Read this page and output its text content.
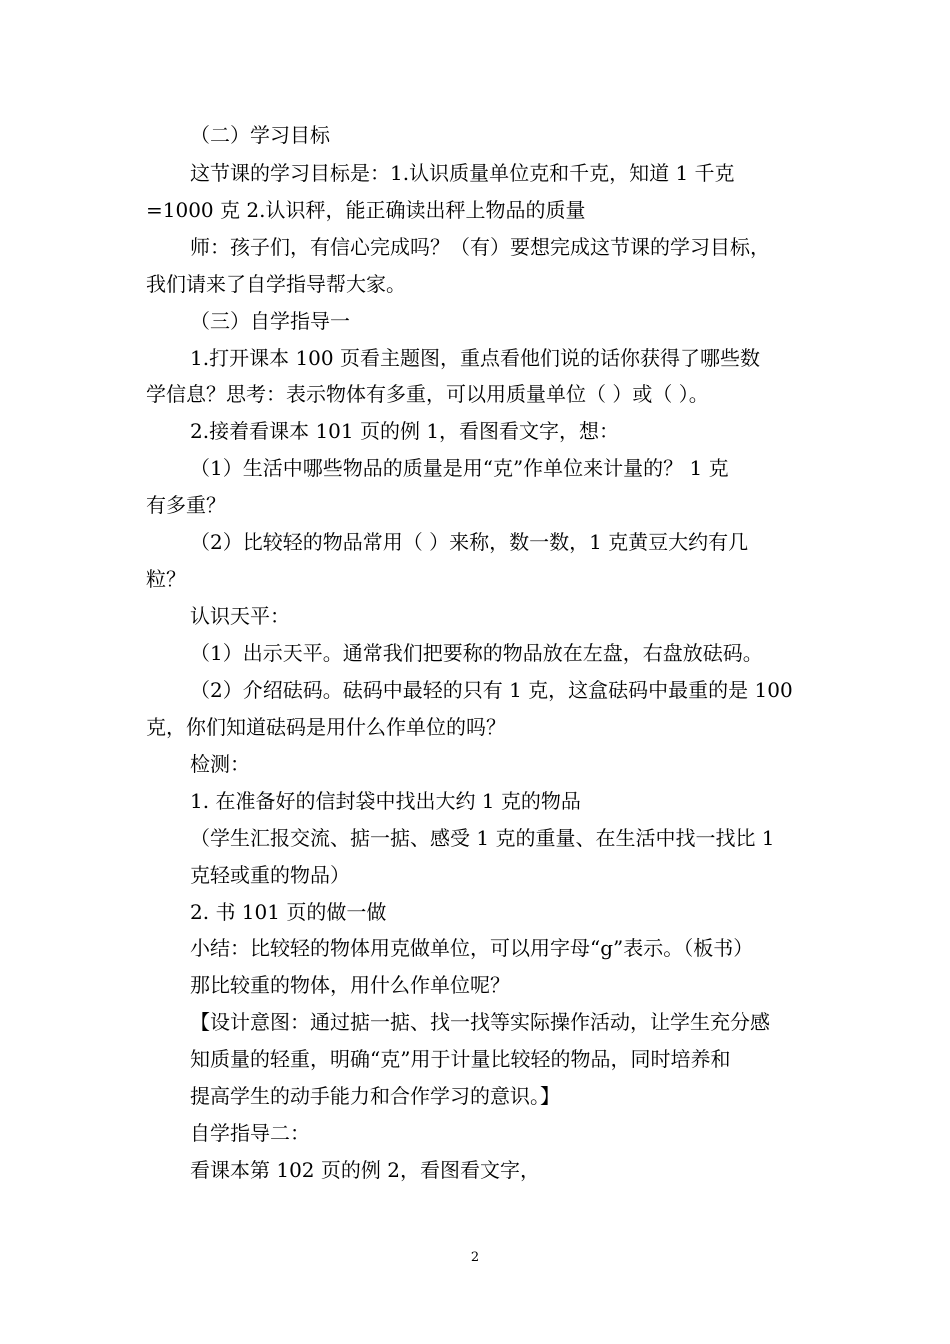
（二）学习目标
这节课的学习目标是：1.认识质量单位克和千克，知道 1 千克
=1000 克 2.认识秤，能正确读出秤上物品的质量
师：孩子们，有信心完成吗？（有）要想完成这节课的学习目标，
我们请来了自学指导帮大家。
（三）自学指导一
1.打开课本 100 页看主题图，重点看他们说的话你获得了哪些数
学信息？思考：表示物体有多重，可以用质量单位（ ）或（ ）。
2.接着看课本 101 页的例 1，看图看文字，想：
（1）生活中哪些物品的质量是用“克”作单位来计量的？ 1 克
有多重？
（2）比较轻的物品常用（ ）来称，数一数，1 克黄豆大约有几
粒？
认识天平：
（1）出示天平。通常我们把要称的物品放在左盘，右盘放砝码。
（2）介绍砝码。砝码中最轻的只有 1 克，这盒砝码中最重的是 100
克，你们知道砝码是用什么作单位的吗？
检测：
1. 在准备好的信封袋中找出大约 1 克的物品
（学生汇报交流、掂一掂、感受 1 克的重量、在生活中找一找比 1
克轻或重的物品）
2. 书 101 页的做一做
小结：比较轻的物体用克做单位，可以用字母“g”表示。（板书）
那比较重的物体，用什么作单位呢？
【设计意图：通过掂一掂、找一找等实际操作活动，让学生充分感
知质量的轻重，明确“克”用于计量比较轻的物品，同时培养和
提高学生的动手能力和合作学习的意识。】
自学指导二：
看课本第 102 页的例 2，看图看文字，
2
